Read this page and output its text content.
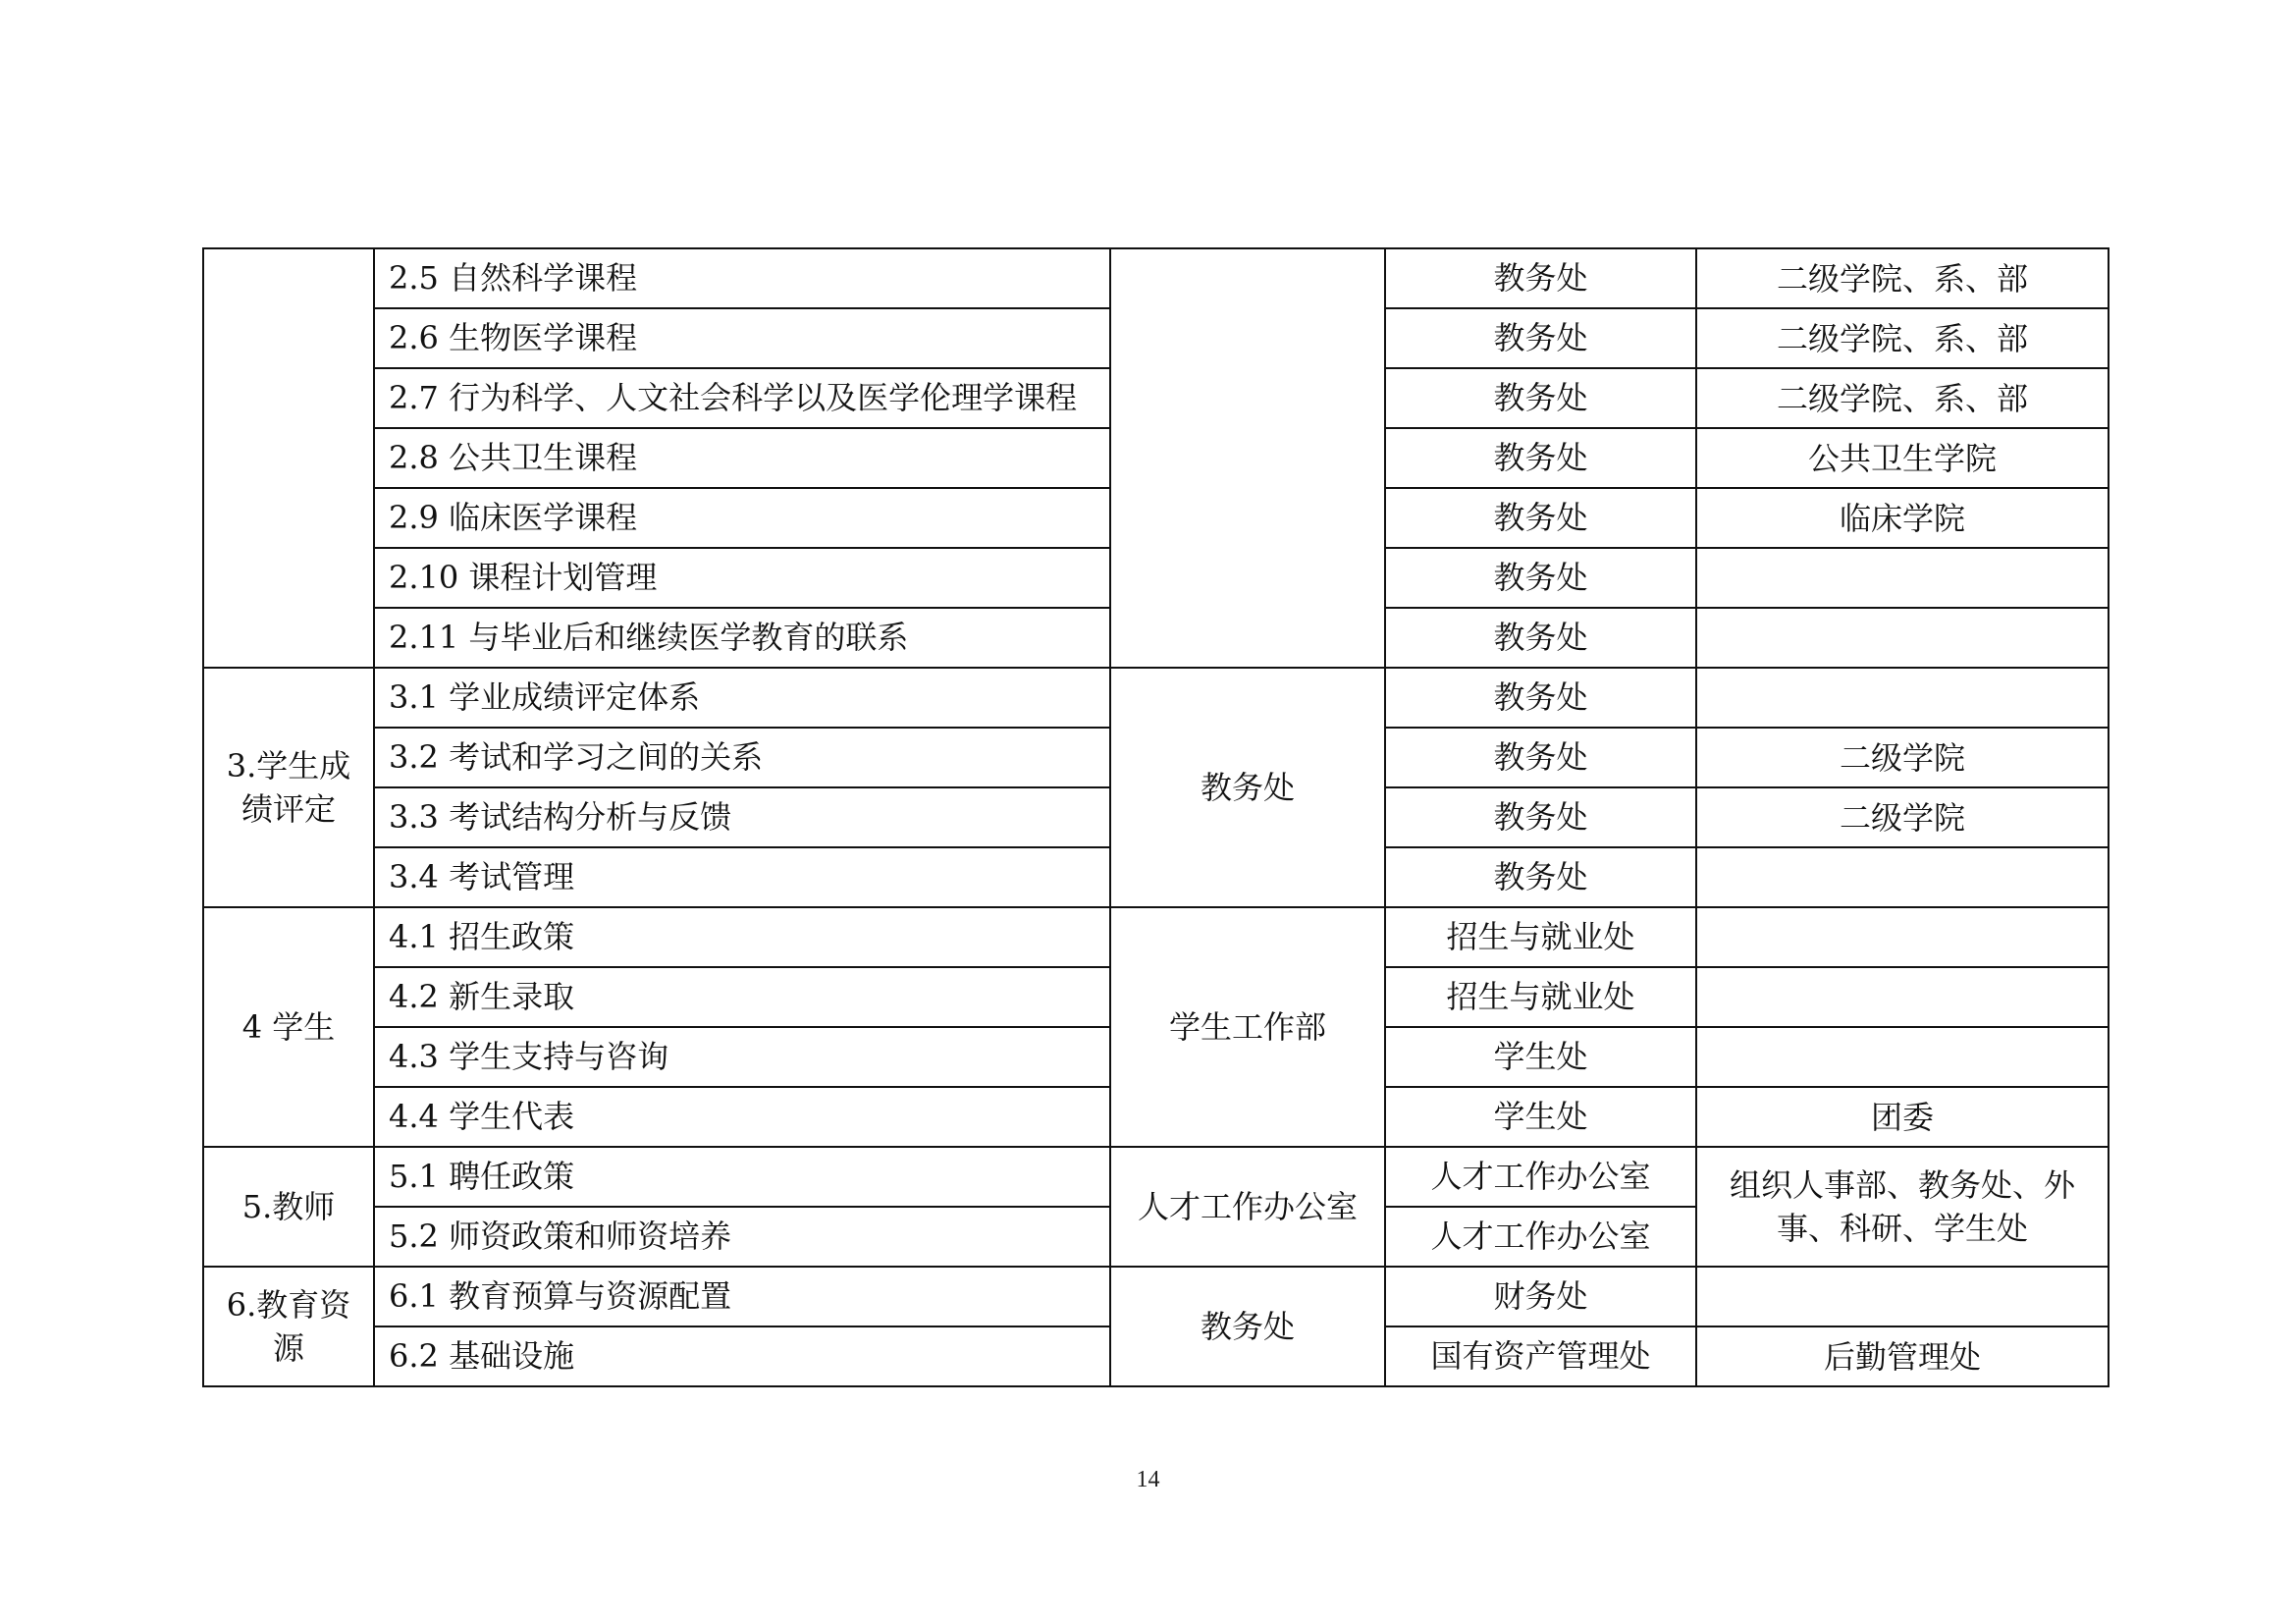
	2.5 自然科学课程		教务处	二级学院、系、部
	2.6 生物医学课程		教务处	二级学院、系、部
	2.7 行为科学、人文社会科学以及医学伦理学课程		教务处	二级学院、系、部
	2.8 公共卫生课程		教务处	公共卫生学院
	2.9 临床医学课程		教务处	临床学院
	2.10 课程计划管理		教务处	
	2.11 与毕业后和继续医学教育的联系		教务处	
3.学生成绩评定	3.1 学业成绩评定体系	教务处	教务处	
	3.2 考试和学习之间的关系		教务处	二级学院
	3.3 考试结构分析与反馈		教务处	二级学院
	3.4 考试管理		教务处	
4 学生	4.1 招生政策	学生工作部	招生与就业处	
	4.2 新生录取		招生与就业处	
	4.3 学生支持与咨询		学生处	
	4.4 学生代表		学生处	团委
5.教师	5.1 聘任政策	人才工作办公室	人才工作办公室	组织人事部、教务处、外事、科研、学生处
	5.2 师资政策和师资培养		人才工作办公室	
6.教育资源	6.1 教育预算与资源配置	教务处	财务处	
	6.2 基础设施		国有资产管理处	后勤管理处
14
